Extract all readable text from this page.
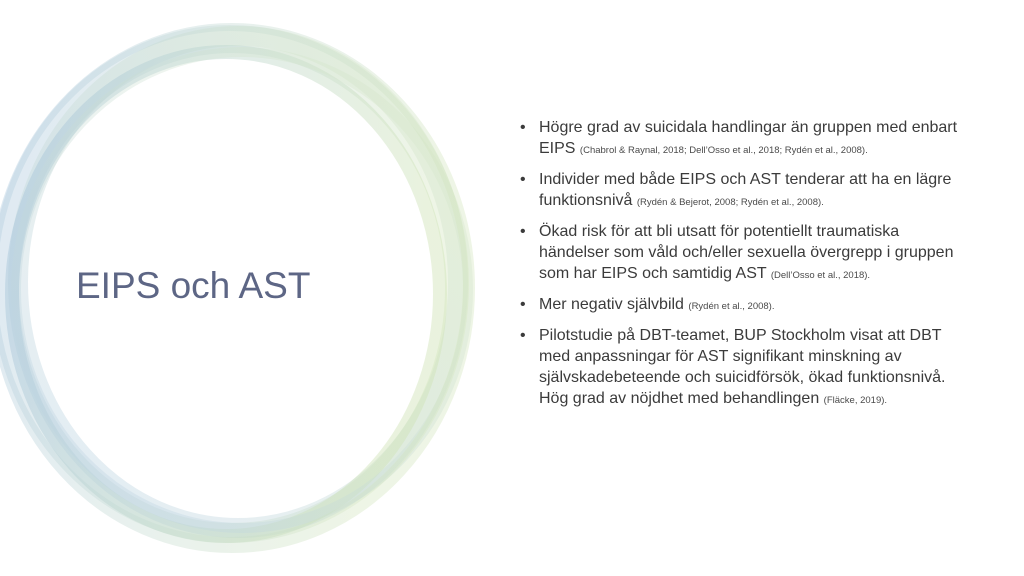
EIPS och AST
• Högre grad av suicidala handlingar än gruppen med enbart EIPS (Chabrol & Raynal, 2018; Dell’Osso et al., 2018; Rydén et al., 2008).
• Individer med både EIPS och AST tenderar att ha en lägre funktionsnivå (Rydén & Bejerot, 2008; Rydén et al., 2008).
• Ökad risk för att bli utsatt för potentiellt traumatiska händelser som våld och/eller sexuella övergrepp i gruppen som har EIPS och samtidig AST (Dell’Osso et al., 2018).
• Mer negativ självbild (Rydén et al., 2008).
• Pilotstudie på DBT-teamet, BUP Stockholm visat att DBT med anpassningar för AST signifikant minskning av självskadebeteende och suicidförsök, ökad funktionsnivå. Hög grad av nöjdhet med behandlingen (Fläcke, 2019).
